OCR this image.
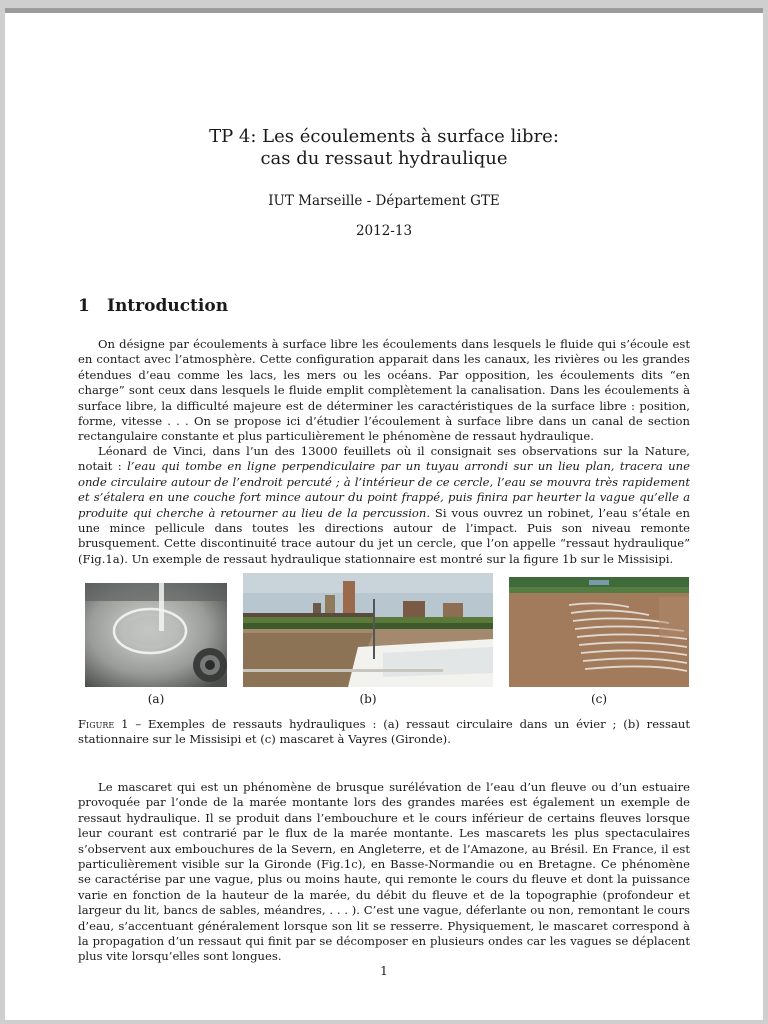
TP 4: Les écoulements à surface libre:
cas du ressaut hydraulique
IUT Marseille - Département GTE
2012-13
1 Introduction

On désigne par écoulements à surface libre les écoulements dans lesquels le fluide qui s’écoule est en contact avec l’atmosphère. Cette configuration apparait dans les canaux, les rivières ou les grandes étendues d’eau comme les lacs, les mers ou les océans. Par opposition, les écoulements dits “en charge” sont ceux dans lesquels le fluide emplit complètement la canalisation. Dans les écoulements à surface libre, la difficulté majeure est de déterminer les caractéristiques de la surface libre : position, forme, vitesse . . . On se propose ici d’étudier l’écoulement à surface libre dans un canal de section rectangulaire constante et plus particulièrement le phénomène de ressaut hydraulique.

Léonard de Vinci, dans l’un des 13000 feuillets où il consignait ses observations sur la Nature, notait : l’eau qui tombe en ligne perpendiculaire par un tuyau arrondi sur un lieu plan, tracera une onde circulaire autour de l’endroit percuté ; à l’intérieur de ce cercle, l’eau se mouvra très rapidement et s’étalera en une couche fort mince autour du point frappé, puis finira par heurter la vague qu’elle a produite qui cherche à retourner au lieu de la percussion. Si vous ouvrez un robinet, l’eau s’étale en une mince pellicule dans toutes les directions autour de l’impact. Puis son niveau remonte brusquement. Cette discontinuité trace autour du jet un cercle, que l’on appelle “ressaut hydraulique” (Fig.1a). Un exemple de ressaut hydraulique stationnaire est montré sur la figure 1b sur le Missisipi.

(a)	(b)	(c)
Figure 1 – Exemples de ressauts hydrauliques : (a) ressaut circulaire dans un évier ; (b) ressaut stationnaire sur le Missisipi et (c) mascaret à Vayres (Gironde).

Le mascaret qui est un phénomène de brusque surélévation de l’eau d’un fleuve ou d’un estuaire provoquée par l’onde de la marée montante lors des grandes marées est également un exemple de ressaut hydraulique. Il se produit dans l’embouchure et le cours inférieur de certains fleuves lorsque leur courant est contrarié par le flux de la marée montante. Les mascarets les plus spectaculaires s’observent aux embouchures de la Severn, en Angleterre, et de l’Amazone, au Brésil. En France, il est particulièrement visible sur la Gironde (Fig.1c), en Basse-Normandie ou en Bretagne. Ce phénomène se caractérise par une vague, plus ou moins haute, qui remonte le cours du fleuve et dont la puissance varie en fonction de la hauteur de la marée, du débit du fleuve et de la topographie (profondeur et largeur du lit, bancs de sables, méandres, . . . ). C’est une vague, déferlante ou non, remontant le cours d’eau, s’accentuant généralement lorsque son lit se resserre. Physiquement, le mascaret correspond à la propagation d’un ressaut qui finit par se décomposer en plusieurs ondes car les vagues se déplacent plus vite lorsqu’elles sont longues.

1
